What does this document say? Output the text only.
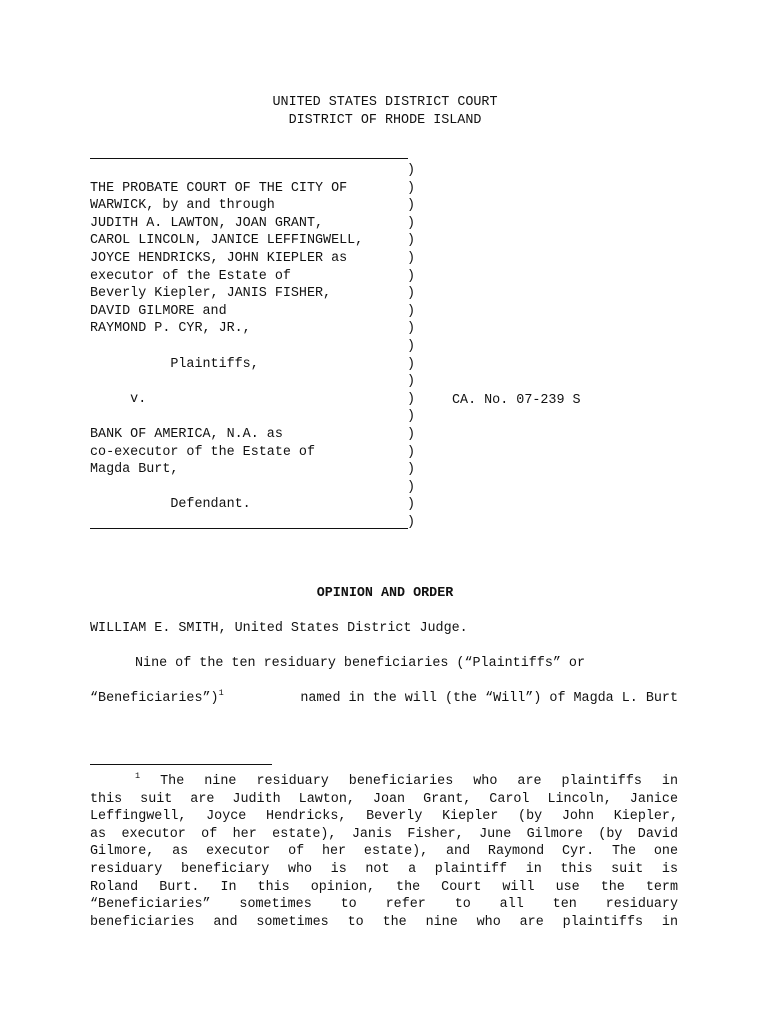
UNITED STATES DISTRICT COURT
DISTRICT OF RHODE ISLAND
THE PROBATE COURT OF THE CITY OF
WARWICK, by and through
JUDITH A. LAWTON, JOAN GRANT,
CAROL LINCOLN, JANICE LEFFINGWELL,
JOYCE HENDRICKS, JOHN KIEPLER as
executor of the Estate of
Beverly Kiepler, JANIS FISHER,
DAVID GILMORE and
RAYMOND P. CYR, JR.,
Plaintiffs,
v.
BANK OF AMERICA, N.A. as
co-executor of the Estate of
Magda Burt,
Defendant.
)
)
)
)
)
)
)
)
)
)
)
)
)
)
)
)
)
)
)
)
)
CA. No. 07-239 S
OPINION AND ORDER
WILLIAM E. SMITH, United States District Judge.
Nine of the ten residuary beneficiaries (“Plaintiffs” or
“Beneficiaries”)$^1$	named in the will (the “Will”) of Magda L. Burt
$^1$ The nine residuary beneficiaries who are plaintiffs in
this suit are Judith Lawton, Joan Grant, Carol Lincoln, Janice
Leffingwell, Joyce Hendricks, Beverly Kiepler (by John Kiepler,
as executor of her estate), Janis Fisher, June Gilmore (by David
Gilmore, as executor of her estate), and Raymond Cyr. The one
residuary beneficiary who is not a plaintiff in this suit is
Roland Burt. In this opinion, the Court will use the term
“Beneficiaries” sometimes to refer to all ten residuary
beneficiaries and sometimes to the nine who are plaintiffs in
